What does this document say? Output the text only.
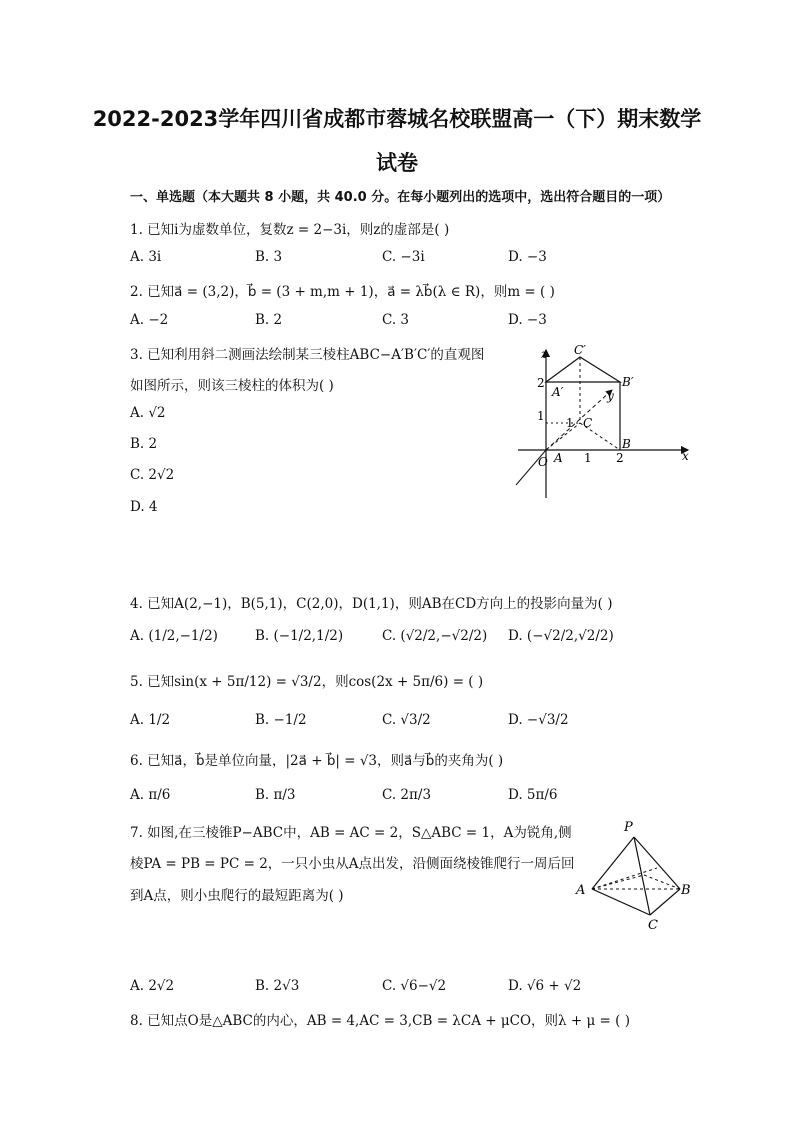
2022-2023学年四川省成都市蓉城名校联盟高一（下）期末数学
试卷
一、单选题（本大题共 8 小题，共 40.0 分。在每小题列出的选项中，选出符合题目的一项）
1. 已知i为虚数单位，复数z = 2−3i，则z的虚部是( )
A. 3i	B. 3	C. −3i	D. −3
2. 已知a⃗ = (3,2)，b⃗ = (3 + m,m + 1)，a⃗ = λb⃗(λ ∈ R)，则m = ( )
A. −2	B. 2	C. 3	D. −3
3. 已知利用斜二测画法绘制某三棱柱ABC−A′B′C′的直观图
如图所示，则该三棱柱的体积为( )
A. √2
B. 2
C. 2√2
D. 4
z C′
2
A′
B′
y
1 1 C
B
O A 1 2	x
4. 已知A(2,−1)，B(5,1)，C(2,0)，D(1,1)，则AB在CD方向上的投影向量为( )
A. (1/2,−1/2)	B. (−1/2,1/2)	C. (√2/2,−√2/2) D. (−√2/2,√2/2)
5. 已知sin(x + 5π/12) = √3/2，则cos(2x + 5π/6) = ( )
A. 1/2	B. −1/2	C. √3/2	D. −√3/2
6. 已知a⃗，b⃗是单位向量，|2a⃗ + b⃗| = √3，则a⃗与b⃗的夹角为( )
A. π/6	B. π/3	C. 2π/3	D. 5π/6
7. 如图,在三棱锥P−ABC中，AB = AC = 2，S△ABC = 1，A为锐角,侧
棱PA = PB = PC = 2，一只小虫从A点出发，沿侧面绕棱锥爬行一周后回
到A点，则小虫爬行的最短距离为( )
P
A	B
C
A. 2√2	B. 2√3	C. √6−√2	D. √6 + √2
8. 已知点O是△ABC的内心，AB = 4,AC = 3,CB = λCA + μCO，则λ + μ = ( )
